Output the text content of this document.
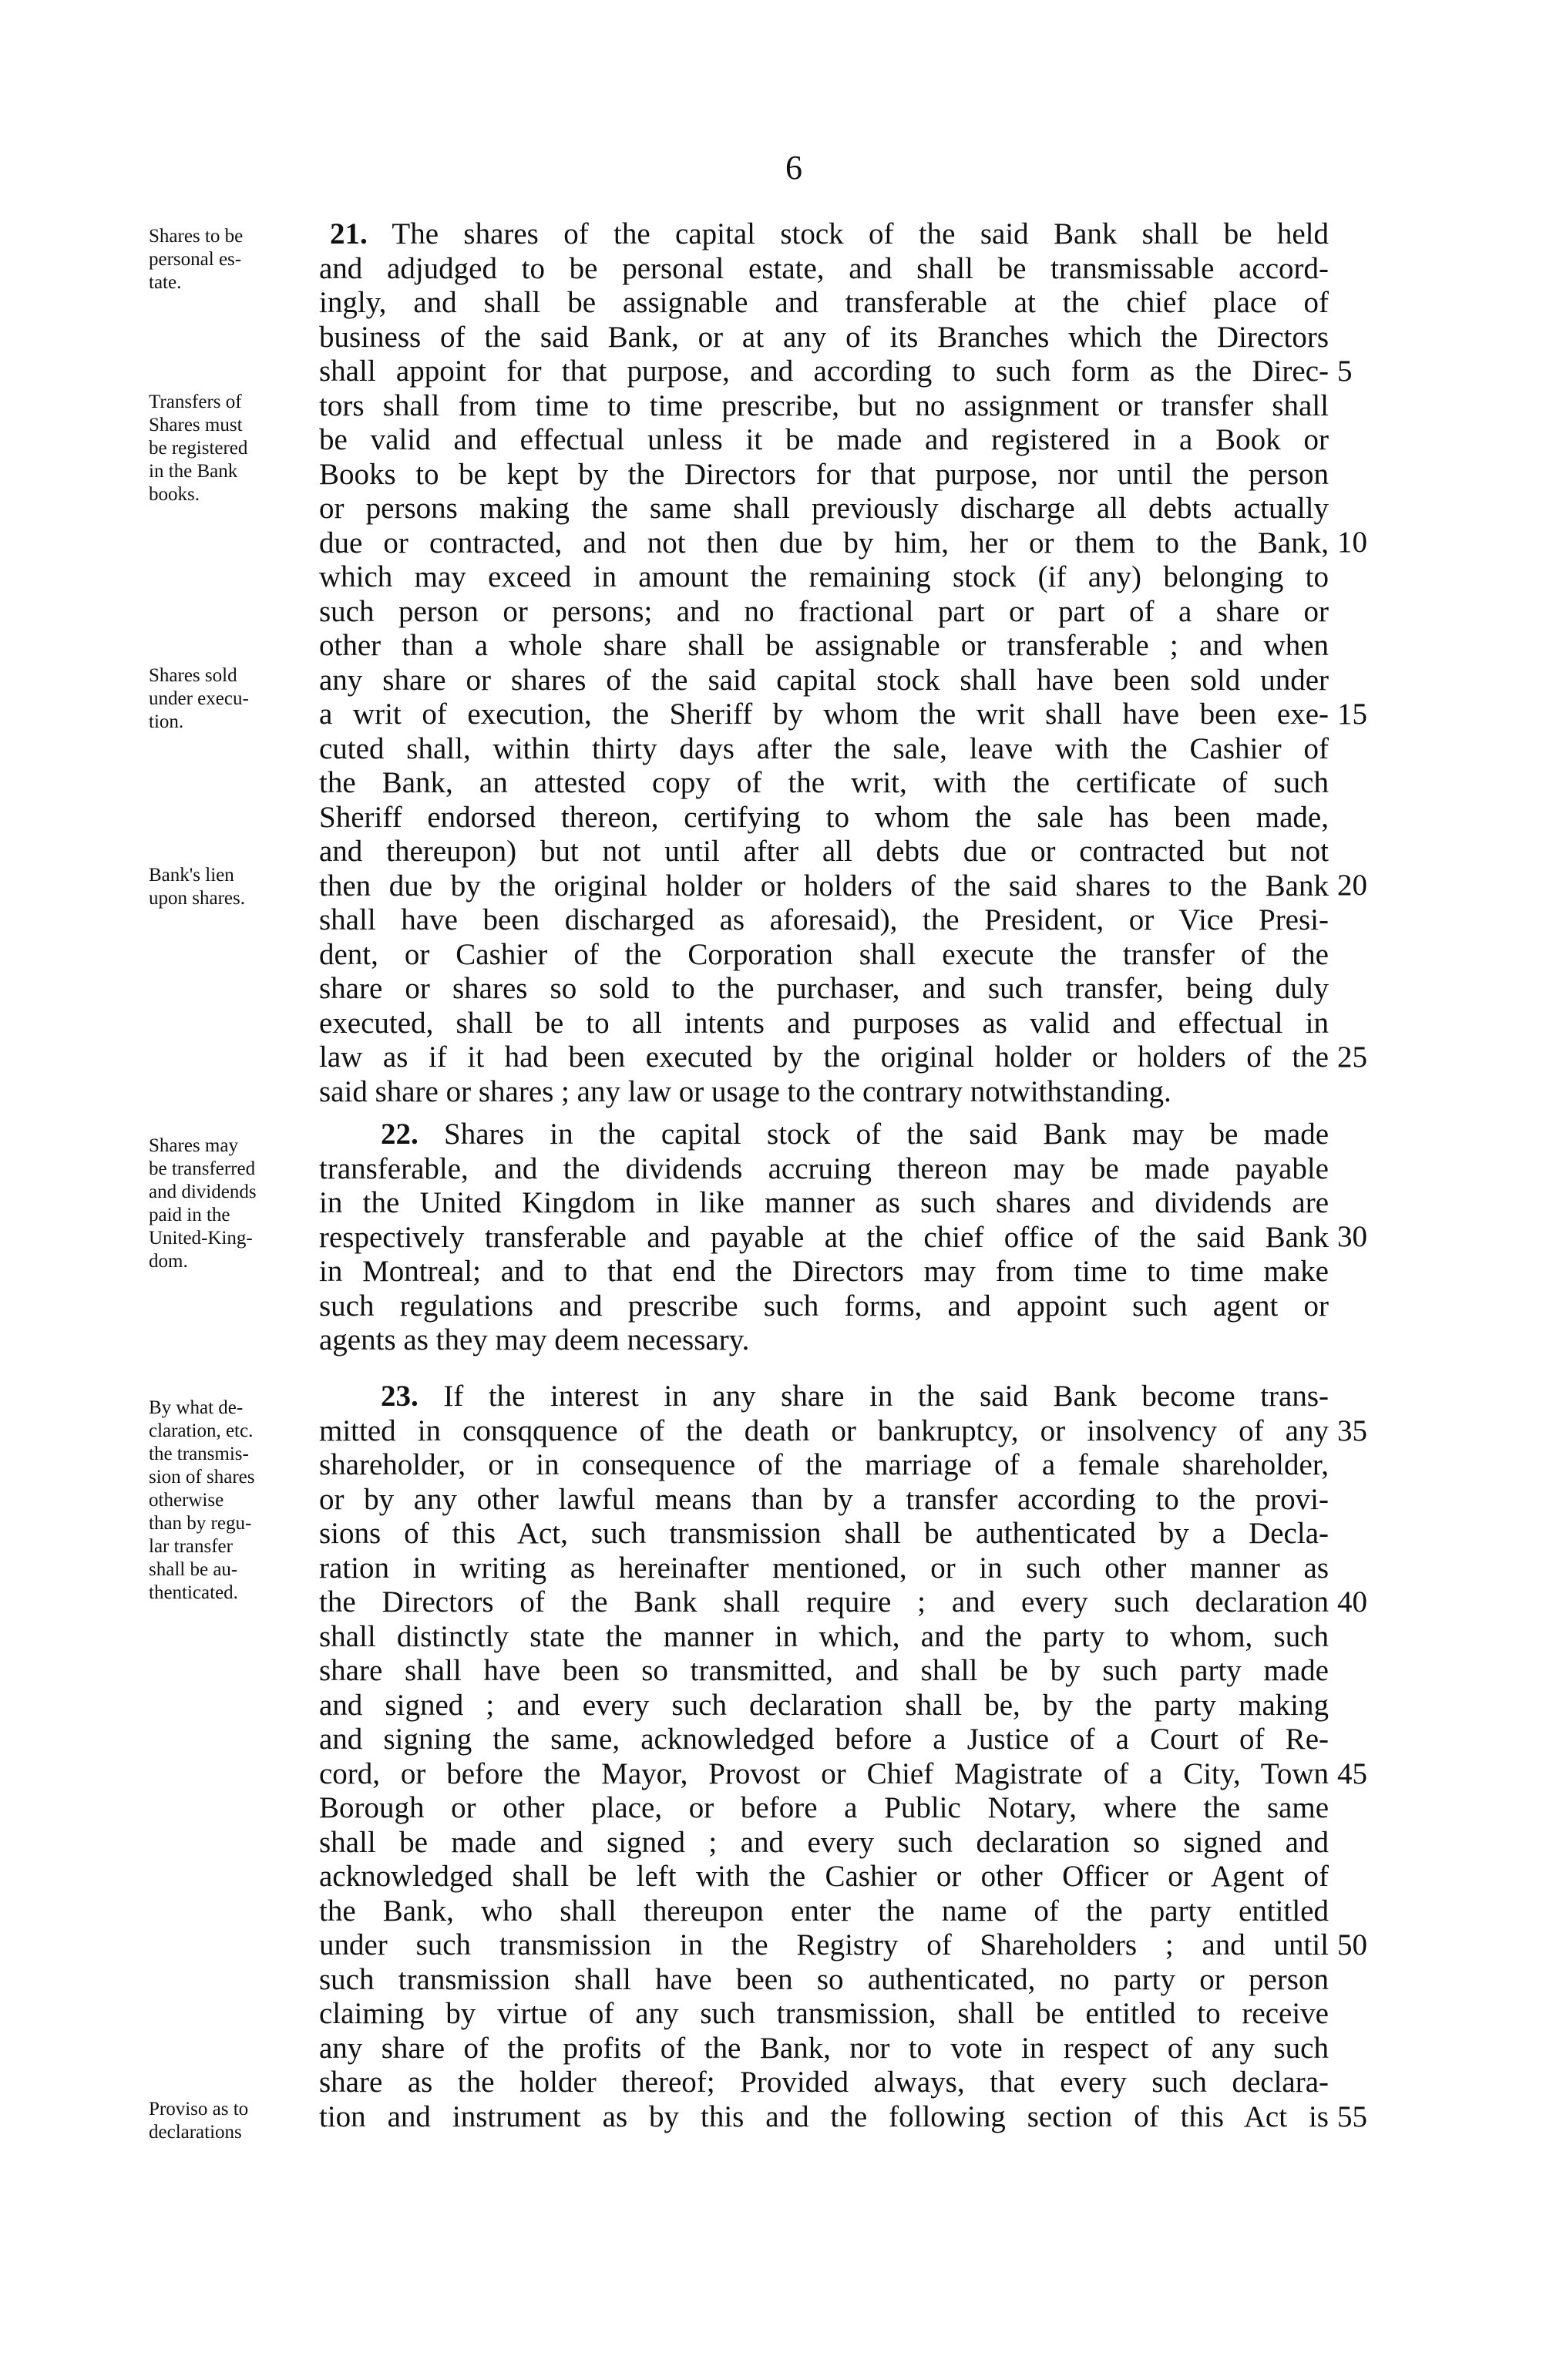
6
Shares to be
personal es-
tate.
Transfers of
Shares must
be registered
in the Bank
books.
Shares sold
under execu-
tion.
Bank's lien
upon shares.
Shares may
be transferred
and dividends
paid in the
United-King-
dom.
By what de-
claration, etc.
the transmis-
sion of shares
otherwise
than by regu-
lar transfer
shall be au-
thenticated.
Proviso as to
declarations
21. The shares of the capital stock of the said Bank shall be held
and adjudged to be personal estate, and shall be transmissable accord-
ingly, and shall be assignable and transferable at the chief place of
business of the said Bank, or at any of its Branches which the Directors
shall appoint for that purpose, and according to such form as the Direc-
tors shall from time to time prescribe, but no assignment or transfer shall
be valid and effectual unless it be made and registered in a Book or
Books to be kept by the Directors for that purpose, nor until the person
or persons making the same shall previously discharge all debts actually
due or contracted, and not then due by him, her or them to the Bank,
which may exceed in amount the remaining stock (if any) belonging to
such person or persons; and no fractional part or part of a share or
other than a whole share shall be assignable or transferable ; and when
any share or shares of the said capital stock shall have been sold under
a writ of execution, the Sheriff by whom the writ shall have been exe-
cuted shall, within thirty days after the sale, leave with the Cashier of
the Bank, an attested copy of the writ, with the certificate of such
Sheriff endorsed thereon, certifying to whom the sale has been made,
and thereupon) but not until after all debts due or contracted but not
then due by the original holder or holders of the said shares to the Bank
shall have been discharged as aforesaid), the President, or Vice Presi-
dent, or Cashier of the Corporation shall execute the transfer of the
share or shares so sold to the purchaser, and such transfer, being duly
executed, shall be to all intents and purposes as valid and effectual in
law as if it had been executed by the original holder or holders of the
said share or shares ; any law or usage to the contrary notwithstanding.
22. Shares in the capital stock of the said Bank may be made
transferable, and the dividends accruing thereon may be made payable
in the United Kingdom in like manner as such shares and dividends are
respectively transferable and payable at the chief office of the said Bank
in Montreal; and to that end the Directors may from time to time make
such regulations and prescribe such forms, and appoint such agent or
agents as they may deem necessary.
23. If the interest in any share in the said Bank become trans-
mitted in consqquence of the death or bankruptcy, or insolvency of any
shareholder, or in consequence of the marriage of a female shareholder,
or by any other lawful means than by a transfer according to the provi-
sions of this Act, such transmission shall be authenticated by a Decla-
ration in writing as hereinafter mentioned, or in such other manner as
the Directors of the Bank shall require ; and every such declaration
shall distinctly state the manner in which, and the party to whom, such
share shall have been so transmitted, and shall be by such party made
and signed ; and every such declaration shall be, by the party making
and signing the same, acknowledged before a Justice of a Court of Re-
cord, or before the Mayor, Provost or Chief Magistrate of a City, Town
Borough or other place, or before a Public Notary, where the same
shall be made and signed ; and every such declaration so signed and
acknowledged shall be left with the Cashier or other Officer or Agent of
the Bank, who shall thereupon enter the name of the party entitled
under such transmission in the Registry of Shareholders ; and until
such transmission shall have been so authenticated, no party or person
claiming by virtue of any such transmission, shall be entitled to receive
any share of the profits of the Bank, nor to vote in respect of any such
share as the holder thereof; Provided always, that every such declara-
tion and instrument as by this and the following section of this Act is
5
10
15
20
25
30
35
40
45
50
55
